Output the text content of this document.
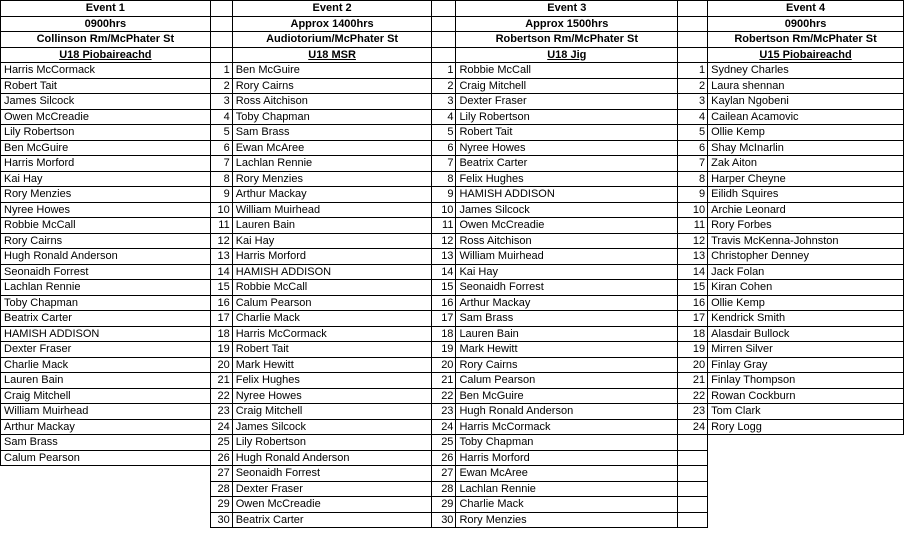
Event 1		Event 2		Event 3		Event 4
0900hrs		Approx 1400hrs		Approx 1500hrs		0900hrs
Collinson Rm/McPhater St		Audiotorium/McPhater St		Robertson Rm/McPhater St		Robertson Rm/McPhater St
U18 Piobaireachd		U18 MSR		U18 Jig		U15 Piobaireachd
Harris McCormack	1	Ben McGuire	1	Robbie McCall	1	Sydney Charles
Robert Tait	2	Rory Cairns	2	Craig Mitchell	2	Laura shennan
James Silcock	3	Ross Aitchison	3	Dexter Fraser	3	Kaylan Ngobeni
Owen McCreadie	4	Toby Chapman	4	Lily Robertson	4	Cailean Acamovic
Lily Robertson	5	Sam Brass	5	Robert Tait	5	Ollie Kemp
Ben McGuire	6	Ewan McAree	6	Nyree Howes	6	Shay McInarlin
Harris Morford	7	Lachlan Rennie	7	Beatrix Carter	7	Zak Aiton
Kai Hay	8	Rory Menzies	8	Felix Hughes	8	Harper Cheyne
Rory Menzies	9	Arthur Mackay	9	HAMISH ADDISON	9	Eilidh Squires
Nyree Howes	10	William Muirhead	10	James Silcock	10	Archie Leonard
Robbie McCall	11	Lauren Bain	11	Owen McCreadie	11	Rory Forbes
Rory Cairns	12	Kai Hay	12	Ross Aitchison	12	Travis McKenna-Johnston
Hugh Ronald Anderson	13	Harris Morford	13	William Muirhead	13	Christopher Denney
Seonaidh Forrest	14	HAMISH ADDISON	14	Kai Hay	14	Jack Folan
Lachlan Rennie	15	Robbie McCall	15	Seonaidh Forrest	15	Kiran Cohen
Toby Chapman	16	Calum Pearson	16	Arthur Mackay	16	Ollie Kemp
Beatrix Carter	17	Charlie Mack	17	Sam Brass	17	Kendrick Smith
HAMISH ADDISON	18	Harris McCormack	18	Lauren Bain	18	Alasdair Bullock
Dexter Fraser	19	Robert Tait	19	Mark Hewitt	19	Mirren Silver
Charlie Mack	20	Mark Hewitt	20	Rory Cairns	20	Finlay Gray
Lauren Bain	21	Felix Hughes	21	Calum Pearson	21	Finlay Thompson
Craig Mitchell	22	Nyree Howes	22	Ben McGuire	22	Rowan Cockburn
William Muirhead	23	Craig Mitchell	23	Hugh Ronald Anderson	23	Tom Clark
Arthur Mackay	24	James Silcock	24	Harris McCormack	24	Rory Logg
Sam Brass	25	Lily Robertson	25	Toby Chapman		
Calum Pearson	26	Hugh Ronald Anderson	26	Harris Morford		
	27	Seonaidh Forrest	27	Ewan McAree		
	28	Dexter Fraser	28	Lachlan Rennie		
	29	Owen McCreadie	29	Charlie Mack		
	30	Beatrix Carter	30	Rory Menzies		
